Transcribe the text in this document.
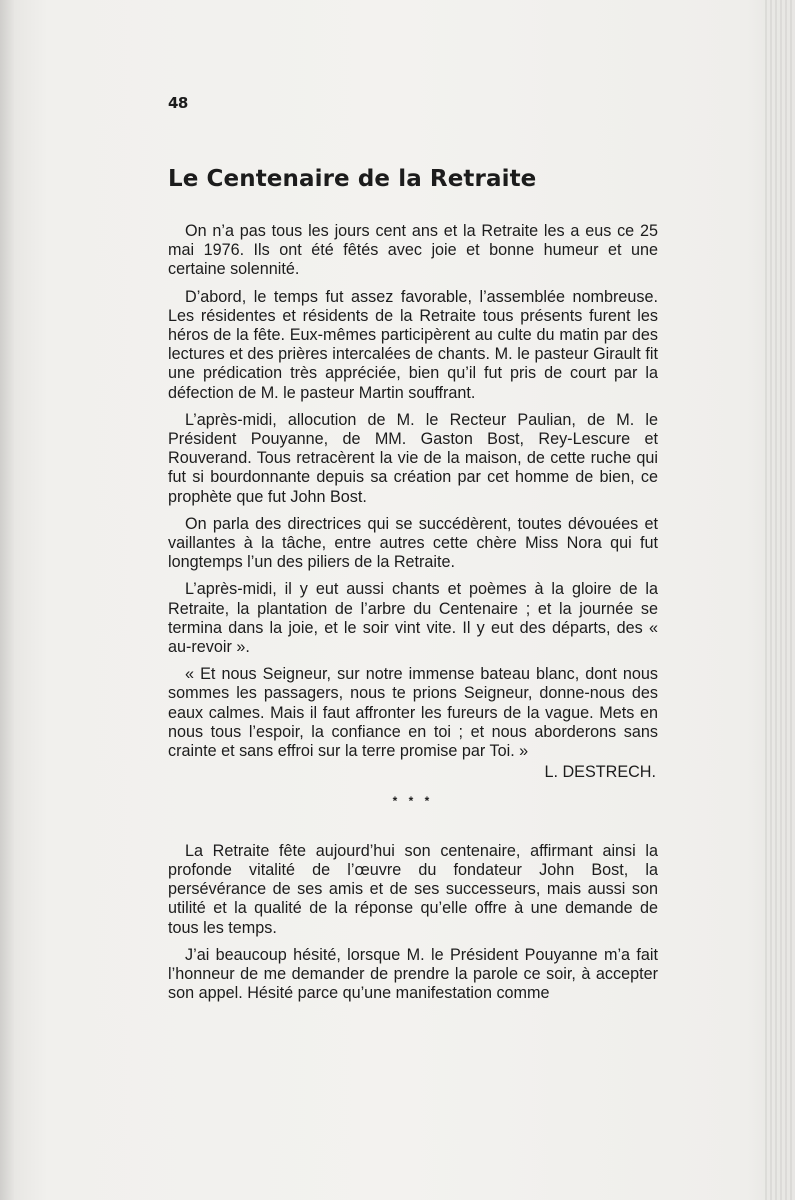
48
Le Centenaire de la Retraite

On n’a pas tous les jours cent ans et la Retraite les a eus ce 25 mai 1976. Ils ont été fêtés avec joie et bonne humeur et une certaine solennité.

D’abord, le temps fut assez favorable, l’assemblée nombreuse. Les résidentes et résidents de la Retraite tous présents furent les héros de la fête. Eux-mêmes participèrent au culte du matin par des lectures et des prières intercalées de chants. M. le pasteur Girault fit une prédication très appréciée, bien qu’il fut pris de court par la défection de M. le pasteur Martin souffrant.

L’après-midi, allocution de M. le Recteur Paulian, de M. le Président Pouyanne, de MM. Gaston Bost, Rey-Lescure et Rouverand. Tous retracèrent la vie de la maison, de cette ruche qui fut si bourdonnante depuis sa création par cet homme de bien, ce prophète que fut John Bost.

On parla des directrices qui se succédèrent, toutes dévouées et vaillantes à la tâche, entre autres cette chère Miss Nora qui fut longtemps l’un des piliers de la Retraite.

L’après-midi, il y eut aussi chants et poèmes à la gloire de la Retraite, la plantation de l’arbre du Centenaire ; et la journée se termina dans la joie, et le soir vint vite. Il y eut des départs, des « au-revoir ».

« Et nous Seigneur, sur notre immense bateau blanc, dont nous sommes les passagers, nous te prions Seigneur, donne-nous des eaux calmes. Mais il faut affronter les fureurs de la vague. Mets en nous tous l’espoir, la confiance en toi ; et nous aborderons sans crainte et sans effroi sur la terre promise par Toi. »

L. DESTRECH.
* * *

La Retraite fête aujourd’hui son centenaire, affirmant ainsi la profonde vitalité de l’œuvre du fondateur John Bost, la persévérance de ses amis et de ses successeurs, mais aussi son utilité et la qualité de la réponse qu’elle offre à une demande de tous les temps.

J’ai beaucoup hésité, lorsque M. le Président Pouyanne m’a fait l’honneur de me demander de prendre la parole ce soir, à accepter son appel. Hésité parce qu’une manifestation comme
